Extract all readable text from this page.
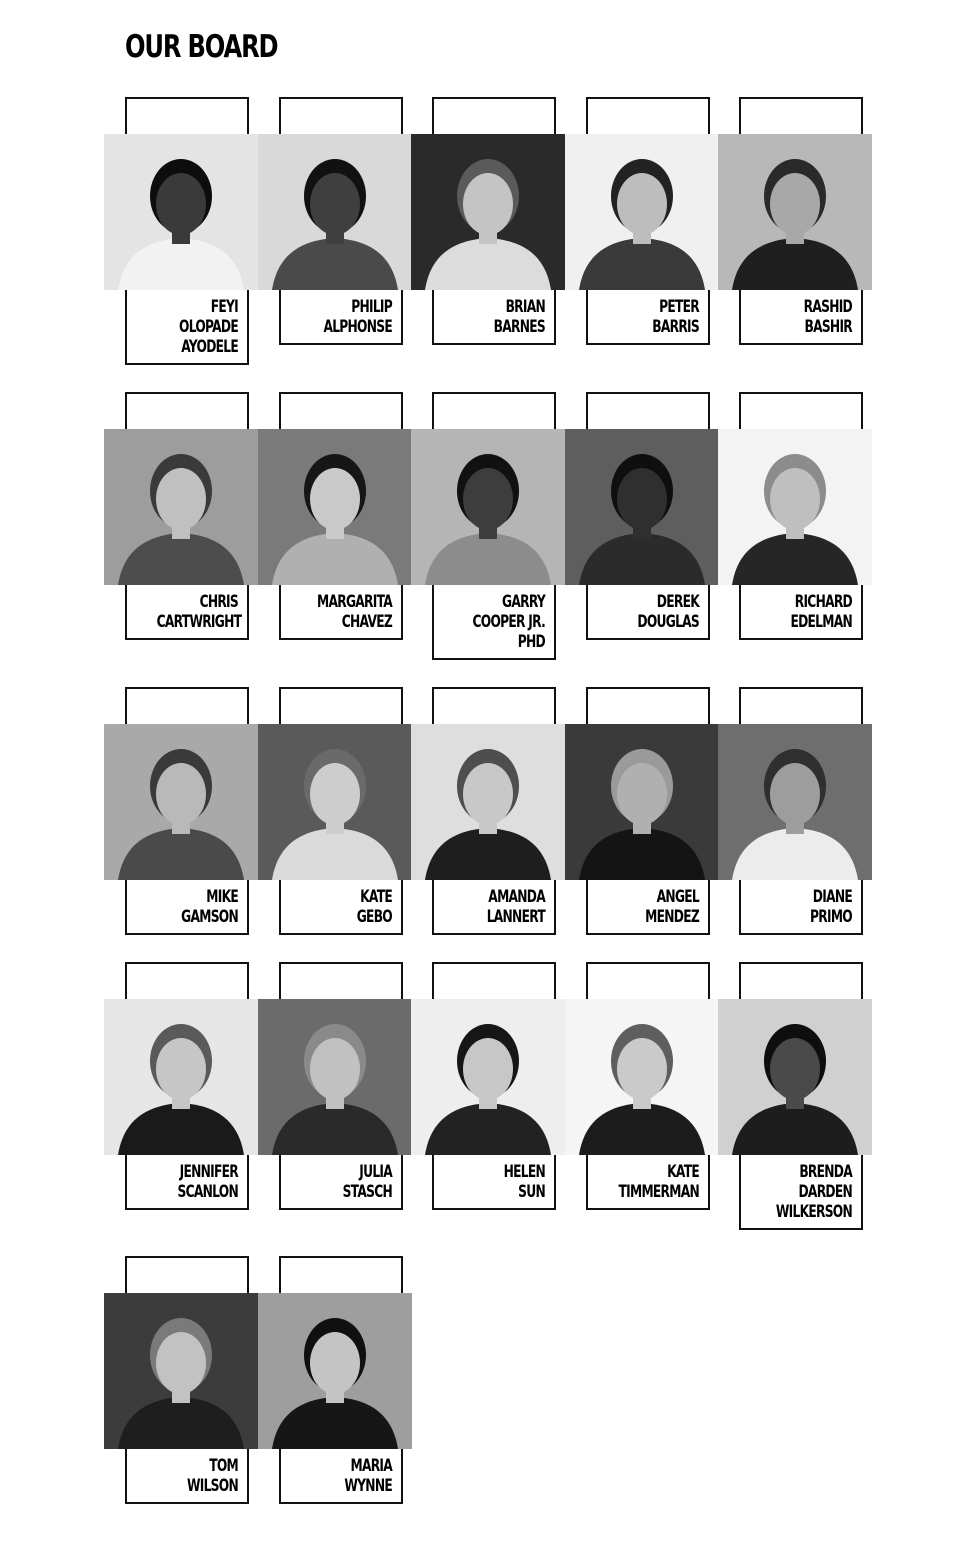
OUR BOARD
FEYI
OLOPADE
AYODELE
PHILIP
ALPHONSE
BRIAN
BARNES
PETER
BARRIS
RASHID
BASHIR
CHRIS
CARTWRIGHT
MARGARITA
CHAVEZ
GARRY
COOPER JR.
PHD
DEREK
DOUGLAS
RICHARD
EDELMAN
MIKE
GAMSON
KATE
GEBO
AMANDA
LANNERT
ANGEL
MENDEZ
DIANE
PRIMO
JENNIFER
SCANLON
JULIA
STASCH
HELEN
SUN
KATE
TIMMERMAN
BRENDA
DARDEN
WILKERSON
TOM
WILSON
MARIA
WYNNE
